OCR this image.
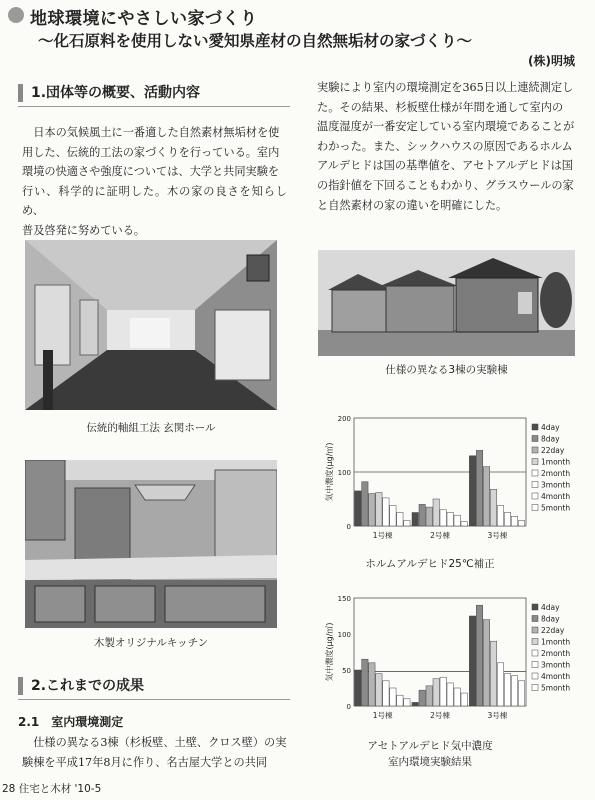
地球環境にやさしい家づくり
～化石原料を使用しない愛知県産材の自然無垢材の家づくり～
(株)明城
1.団体等の概要、活動内容
日本の気候風土に一番適した自然素材無垢材を使
用した、伝統的工法の家づくりを行っている。室内
環境の快適さや強度については、大学と共同実験を
行い、科学的に証明した。木の家の良さを知らしめ、
普及啓発に努めている。
実験により室内の環境測定を365日以上連続測定し
た。その結果、杉板壁仕様が年間を通して室内の
温度湿度が一番安定している室内環境であることが
わかった。また、シックハウスの原因であるホルム
アルデヒドは国の基準値を、アセトアルデヒドは国
の指針値を下回ることもわかり、グラスウールの家
と自然素材の家の違いを明確にした。
伝統的軸組工法 玄関ホール
木製オリジナルキッチン
仕様の異なる3棟の実験棟
0
100
200
気中濃度(μg/㎥)
1号棟	2号棟	3号棟
4day
8day
22day
1month
2month
3month
4month
5month
ホルムアルデヒド25℃補正
0
50
100
150
気中濃度(μg/㎥)
1号棟	2号棟	3号棟
4day
8day
22day
1month
2month
3month
4month
5month
アセトアルデヒド気中濃度
室内環境実験結果
2.これまでの成果
2.1　室内環境測定
仕様の異なる3棟（杉板壁、土壁、クロス壁）の実
験棟を平成17年8月に作り、名古屋大学との共同
28 住宅と木材 '10-5
